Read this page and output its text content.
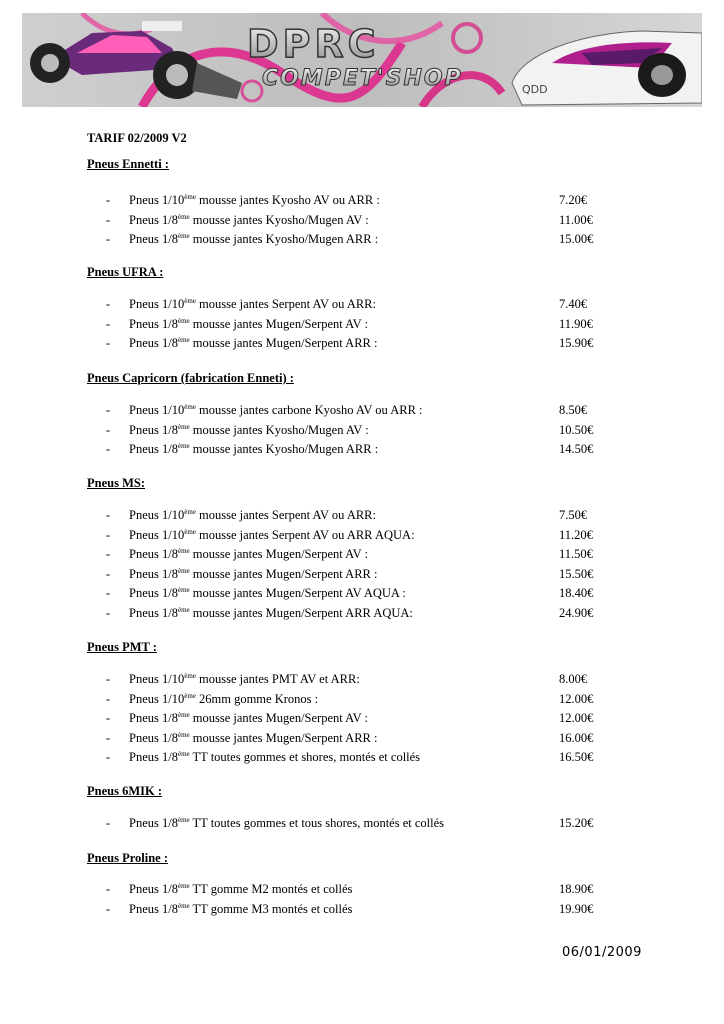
DPRC
COMPET'SHOP	QDD
TARIF 02/2009 V2
Pneus Ennetti :
- Pneus 1/10ème mousse jantes Kyosho AV ou ARR :	7.20€
- Pneus 1/8ème mousse jantes Kyosho/Mugen AV :	11.00€
- Pneus 1/8ème mousse jantes Kyosho/Mugen ARR :	15.00€
Pneus UFRA :
- Pneus 1/10ème mousse jantes Serpent AV ou ARR:	7.40€
- Pneus 1/8ème mousse jantes Mugen/Serpent AV :	11.90€
- Pneus 1/8ème mousse jantes Mugen/Serpent ARR :	15.90€
Pneus Capricorn (fabrication Enneti) :
- Pneus 1/10ème mousse jantes carbone Kyosho AV ou ARR :	8.50€
- Pneus 1/8ème mousse jantes Kyosho/Mugen AV :	10.50€
- Pneus 1/8ème mousse jantes Kyosho/Mugen ARR :	14.50€
Pneus MS:
- Pneus 1/10ème mousse jantes Serpent AV ou ARR:	7.50€
- Pneus 1/10ème mousse jantes Serpent AV ou ARR AQUA:	11.20€
- Pneus 1/8ème mousse jantes Mugen/Serpent AV :	11.50€
- Pneus 1/8ème mousse jantes Mugen/Serpent ARR :	15.50€
- Pneus 1/8ème mousse jantes Mugen/Serpent AV AQUA :	18.40€
- Pneus 1/8ème mousse jantes Mugen/Serpent ARR AQUA:	24.90€
Pneus PMT :
- Pneus 1/10ème mousse jantes PMT AV et ARR:	8.00€
- Pneus 1/10ème 26mm gomme Kronos :	12.00€
- Pneus 1/8ème mousse jantes Mugen/Serpent AV :	12.00€
- Pneus 1/8ème mousse jantes Mugen/Serpent ARR :	16.00€
- Pneus 1/8ème TT toutes gommes et shores, montés et collés	16.50€
Pneus 6MIK :
- Pneus 1/8ème TT toutes gommes et tous shores, montés et collés	15.20€
Pneus Proline :
- Pneus 1/8ème TT gomme M2 montés et collés	18.90€
- Pneus 1/8ème TT gomme M3 montés et collés	19.90€
06/01/2009
